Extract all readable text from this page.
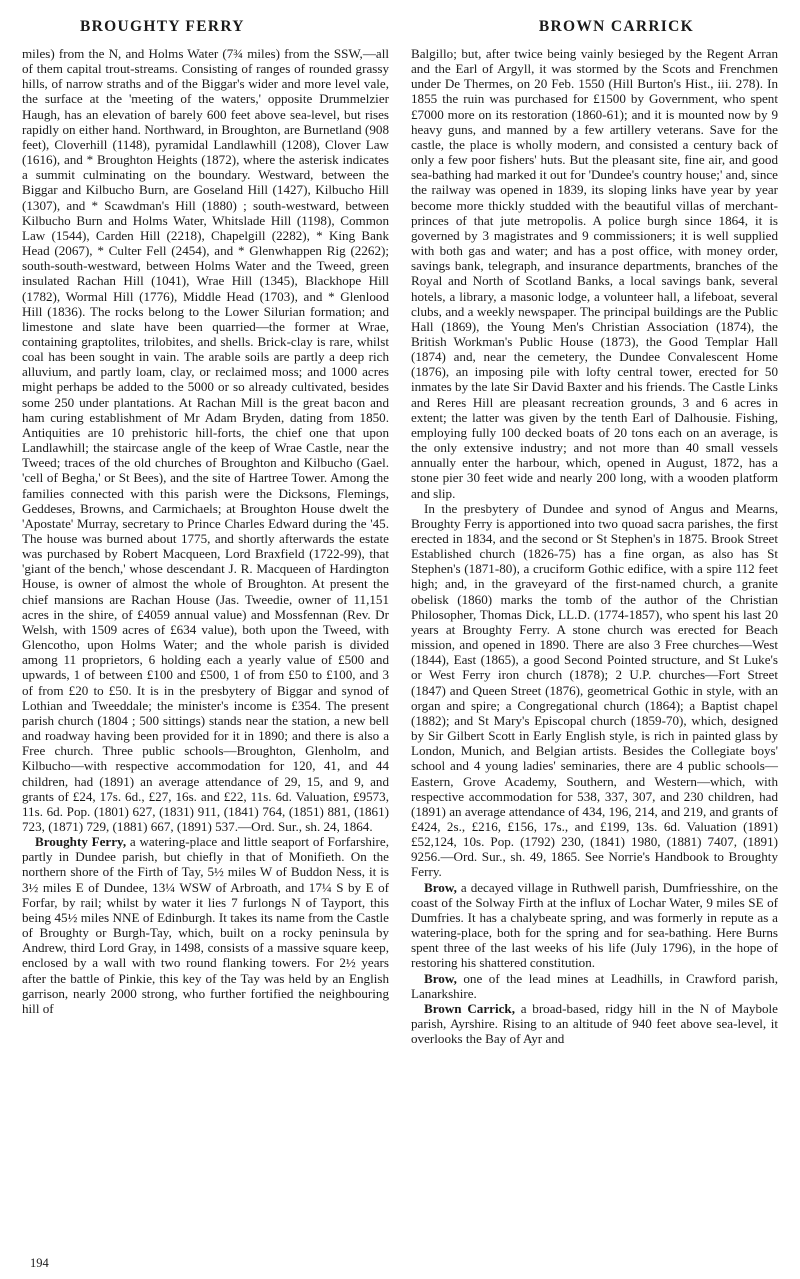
BROUGHTY FERRY	BROWN CARRICK

miles) from the N, and Holms Water (7¾ miles) from the SSW,—all of them capital trout-streams. Consisting of ranges of rounded grassy hills, of narrow straths and of the Biggar's wider and more level vale, the surface at the 'meeting of the waters,' opposite Drummelzier Haugh, has an elevation of barely 600 feet above sea-level, but rises rapidly on either hand. Northward, in Broughton, are Burnetland (908 feet), Cloverhill (1148), pyramidal Landlawhill (1208), Clover Law (1616), and * Broughton Heights (1872), where the asterisk indicates a summit culminating on the boundary. Westward, between the Biggar and Kilbucho Burn, are Goseland Hill (1427), Kilbucho Hill (1307), and * Scawdman's Hill (1880) ; south-westward, between Kilbucho Burn and Holms Water, Whitslade Hill (1198), Common Law (1544), Carden Hill (2218), Chapelgill (2282), * King Bank Head (2067), * Culter Fell (2454), and * Glenwhappen Rig (2262); south-south-westward, between Holms Water and the Tweed, green insulated Rachan Hill (1041), Wrae Hill (1345), Blackhope Hill (1782), Wormal Hill (1776), Middle Head (1703), and * Glenlood Hill (1836). The rocks belong to the Lower Silurian formation; and limestone and slate have been quarried—the former at Wrae, containing graptolites, trilobites, and shells. Brick-clay is rare, whilst coal has been sought in vain. The arable soils are partly a deep rich alluvium, and partly loam, clay, or reclaimed moss; and 1000 acres might perhaps be added to the 5000 or so already cultivated, besides some 250 under plantations. At Rachan Mill is the great bacon and ham curing establishment of Mr Adam Bryden, dating from 1850. Antiquities are 10 prehistoric hill-forts, the chief one that upon Landlawhill; the staircase angle of the keep of Wrae Castle, near the Tweed; traces of the old churches of Broughton and Kilbucho (Gael. 'cell of Begha,' or St Bees), and the site of Hartree Tower. Among the families connected with this parish were the Dicksons, Flemings, Geddeses, Browns, and Carmichaels; at Broughton House dwelt the 'Apostate' Murray, secretary to Prince Charles Edward during the '45. The house was burned about 1775, and shortly afterwards the estate was purchased by Robert Macqueen, Lord Braxfield (1722-99), that 'giant of the bench,' whose descendant J. R. Macqueen of Hardington House, is owner of almost the whole of Broughton. At present the chief mansions are Rachan House (Jas. Tweedie, owner of 11,151 acres in the shire, of £4059 annual value) and Mossfennan (Rev. Dr Welsh, with 1509 acres of £634 value), both upon the Tweed, with Glencotho, upon Holms Water; and the whole parish is divided among 11 proprietors, 6 holding each a yearly value of £500 and upwards, 1 of between £100 and £500, 1 of from £50 to £100, and 3 of from £20 to £50. It is in the presbytery of Biggar and synod of Lothian and Tweeddale; the minister's income is £354. The present parish church (1804 ; 500 sittings) stands near the station, a new bell and roadway having been provided for it in 1890; and there is also a Free church. Three public schools—Broughton, Glenholm, and Kilbucho—with respective accommodation for 120, 41, and 44 children, had (1891) an average attendance of 29, 15, and 9, and grants of £24, 17s. 6d., £27, 16s. and £22, 11s. 6d. Valuation, £9573, 11s. 6d. Pop. (1801) 627, (1831) 911, (1841) 764, (1851) 881, (1861) 723, (1871) 729, (1881) 667, (1891) 537.—Ord. Sur., sh. 24, 1864.

Broughty Ferry, a watering-place and little seaport of Forfarshire, partly in Dundee parish, but chiefly in that of Monifieth. On the northern shore of the Firth of Tay, 5½ miles W of Buddon Ness, it is 3½ miles E of Dundee, 13¼ WSW of Arbroath, and 17¼ S by E of Forfar, by rail; whilst by water it lies 7 furlongs N of Tayport, this being 45½ miles NNE of Edinburgh. It takes its name from the Castle of Broughty or Burgh-Tay, which, built on a rocky peninsula by Andrew, third Lord Gray, in 1498, consists of a massive square keep, enclosed by a wall with two round flanking towers. For 2½ years after the battle of Pinkie, this key of the Tay was held by an English garrison, nearly 2000 strong, who further fortified the neighbouring hill of

Balgillo; but, after twice being vainly besieged by the Regent Arran and the Earl of Argyll, it was stormed by the Scots and Frenchmen under De Thermes, on 20 Feb. 1550 (Hill Burton's Hist., iii. 278). In 1855 the ruin was purchased for £1500 by Government, who spent £7000 more on its restoration (1860-61); and it is mounted now by 9 heavy guns, and manned by a few artillery veterans. Save for the castle, the place is wholly modern, and consisted a century back of only a few poor fishers' huts. But the pleasant site, fine air, and good sea-bathing had marked it out for 'Dundee's country house;' and, since the railway was opened in 1839, its sloping links have year by year become more thickly studded with the beautiful villas of merchant-princes of that jute metropolis. A police burgh since 1864, it is governed by 3 magistrates and 9 commissioners; it is well supplied with both gas and water; and has a post office, with money order, savings bank, telegraph, and insurance departments, branches of the Royal and North of Scotland Banks, a local savings bank, several hotels, a library, a masonic lodge, a volunteer hall, a lifeboat, several clubs, and a weekly newspaper. The principal buildings are the Public Hall (1869), the Young Men's Christian Association (1874), the British Workman's Public House (1873), the Good Templar Hall (1874) and, near the cemetery, the Dundee Convalescent Home (1876), an imposing pile with lofty central tower, erected for 50 inmates by the late Sir David Baxter and his friends. The Castle Links and Reres Hill are pleasant recreation grounds, 3 and 6 acres in extent; the latter was given by the tenth Earl of Dalhousie. Fishing, employing fully 100 decked boats of 20 tons each on an average, is the only extensive industry; and not more than 40 small vessels annually enter the harbour, which, opened in August, 1872, has a stone pier 30 feet wide and nearly 200 long, with a wooden platform and slip.

In the presbytery of Dundee and synod of Angus and Mearns, Broughty Ferry is apportioned into two quoad sacra parishes, the first erected in 1834, and the second or St Stephen's in 1875. Brook Street Established church (1826-75) has a fine organ, as also has St Stephen's (1871-80), a cruciform Gothic edifice, with a spire 112 feet high; and, in the graveyard of the first-named church, a granite obelisk (1860) marks the tomb of the author of the Christian Philosopher, Thomas Dick, LL.D. (1774-1857), who spent his last 20 years at Broughty Ferry. A stone church was erected for Beach mission, and opened in 1890. There are also 3 Free churches—West (1844), East (1865), a good Second Pointed structure, and St Luke's or West Ferry iron church (1878); 2 U.P. churches—Fort Street (1847) and Queen Street (1876), geometrical Gothic in style, with an organ and spire; a Congregational church (1864); a Baptist chapel (1882); and St Mary's Episcopal church (1859-70), which, designed by Sir Gilbert Scott in Early English style, is rich in painted glass by London, Munich, and Belgian artists. Besides the Collegiate boys' school and 4 young ladies' seminaries, there are 4 public schools—Eastern, Grove Academy, Southern, and Western—which, with respective accommodation for 538, 337, 307, and 230 children, had (1891) an average attendance of 434, 196, 214, and 219, and grants of £424, 2s., £216, £156, 17s., and £199, 13s. 6d. Valuation (1891) £52,124, 10s. Pop. (1792) 230, (1841) 1980, (1881) 7407, (1891) 9256.—Ord. Sur., sh. 49, 1865. See Norrie's Handbook to Broughty Ferry.

Brow, a decayed village in Ruthwell parish, Dumfriesshire, on the coast of the Solway Firth at the influx of Lochar Water, 9 miles SE of Dumfries. It has a chalybeate spring, and was formerly in repute as a watering-place, both for the spring and for sea-bathing. Here Burns spent three of the last weeks of his life (July 1796), in the hope of restoring his shattered constitution.

Brow, one of the lead mines at Leadhills, in Crawford parish, Lanarkshire.

Brown Carrick, a broad-based, ridgy hill in the N of Maybole parish, Ayrshire. Rising to an altitude of 940 feet above sea-level, it overlooks the Bay of Ayr and

194
